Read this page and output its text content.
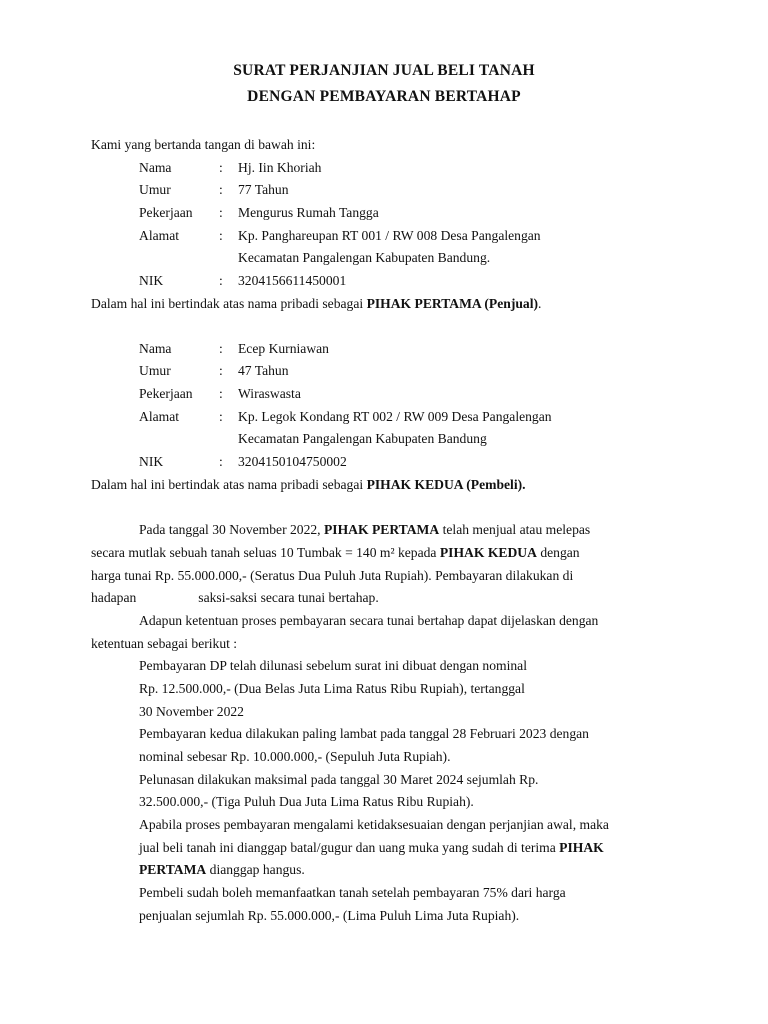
SURAT PERJANJIAN JUAL BELI TANAH
DENGAN PEMBAYARAN BERTAHAP
Kami yang bertanda tangan di bawah ini:
Nama	: Hj. Iin Khoriah
Umur	: 77 Tahun
Pekerjaan : Mengurus Rumah Tangga
Alamat	: Kp. Panghareupan RT 001 / RW 008 Desa Pangalengan
Kecamatan Pangalengan Kabupaten Bandung.
NIK	: 3204156611450001
Dalam hal ini bertindak atas nama pribadi sebagai PIHAK PERTAMA (Penjual).
Nama	: Ecep Kurniawan
Umur	: 47 Tahun
Pekerjaan : Wiraswasta
Alamat	: Kp. Legok Kondang RT 002 / RW 009 Desa Pangalengan
Kecamatan Pangalengan Kabupaten Bandung
NIK	: 3204150104750002
Dalam hal ini bertindak atas nama pribadi sebagai PIHAK KEDUA (Pembeli).
Pada tanggal 30 November 2022, PIHAK PERTAMA telah menjual atau melepas
secara mutlak sebuah tanah seluas 10 Tumbak = 140 m² kepada PIHAK KEDUA dengan
harga tunai Rp. 55.000.000,- (Seratus Dua Puluh Juta Rupiah). Pembayaran dilakukan di
hadapan	saksi-saksi secara tunai bertahap.
Adapun ketentuan proses pembayaran secara tunai bertahap dapat dijelaskan dengan
ketentuan sebagai berikut :
Pembayaran DP telah dilunasi sebelum surat ini dibuat dengan nominal
Rp. 12.500.000,- (Dua Belas Juta Lima Ratus Ribu Rupiah), tertanggal
30 November 2022
Pembayaran kedua dilakukan paling lambat pada tanggal 28 Februari 2023 dengan
nominal sebesar Rp. 10.000.000,- (Sepuluh Juta Rupiah).
Pelunasan dilakukan maksimal pada tanggal 30 Maret 2024 sejumlah Rp.
32.500.000,- (Tiga Puluh Dua Juta Lima Ratus Ribu Rupiah).
Apabila proses pembayaran mengalami ketidaksesuaian dengan perjanjian awal, maka
jual beli tanah ini dianggap batal/gugur dan uang muka yang sudah di terima PIHAK
PERTAMA dianggap hangus.
Pembeli sudah boleh memanfaatkan tanah setelah pembayaran 75% dari harga
penjualan sejumlah Rp. 55.000.000,- (Lima Puluh Lima Juta Rupiah).
